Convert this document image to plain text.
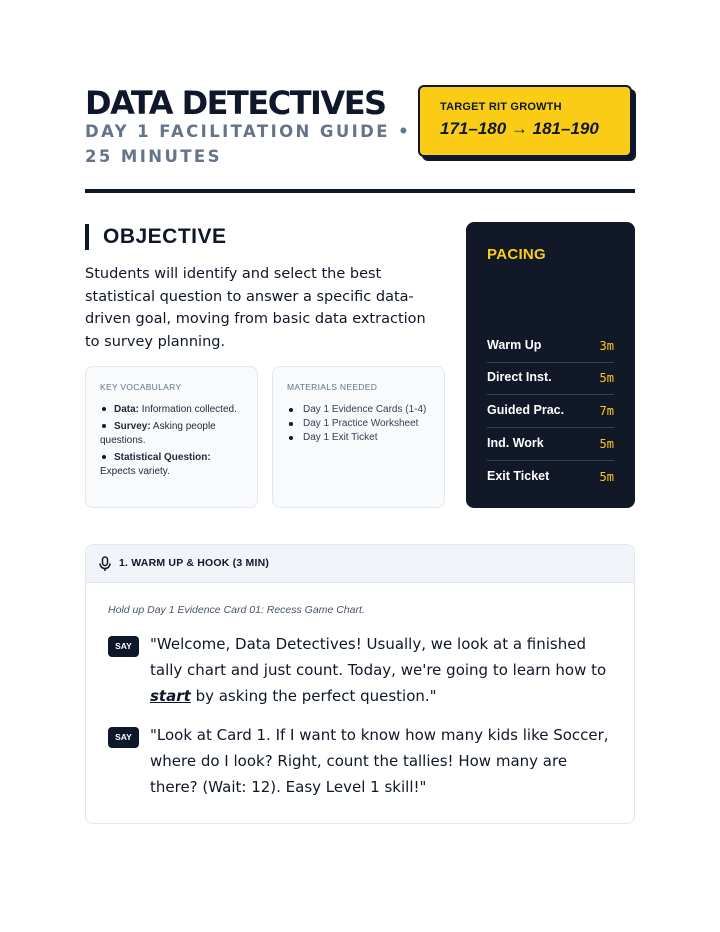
DATA DETECTIVES
DAY 1 FACILITATION GUIDE • 25 MINUTES
TARGET RIT GROWTH
171–180 → 181–190
OBJECTIVE
Students will identify and select the best statistical question to answer a specific data-driven goal, moving from basic data extraction to survey planning.
KEY VOCABULARY
Data: Information collected.
Survey: Asking people questions.
Statistical Question: Expects variety.
MATERIALS NEEDED
Day 1 Evidence Cards (1-4)
Day 1 Practice Worksheet
Day 1 Exit Ticket
PACING
Warm Up	3m
Direct Inst.	5m
Guided Prac.	7m
Ind. Work	5m
Exit Ticket	5m
1. WARM UP & HOOK (3 MIN)
Hold up Day 1 Evidence Card 01: Recess Game Chart.
SAY	"Welcome, Data Detectives! Usually, we look at a finished tally chart and just count. Today, we're going to learn how to start by asking the perfect question."
SAY	"Look at Card 1. If I want to know how many kids like Soccer, where do I look? Right, count the tallies! How many are there? (Wait: 12). Easy Level 1 skill!"
